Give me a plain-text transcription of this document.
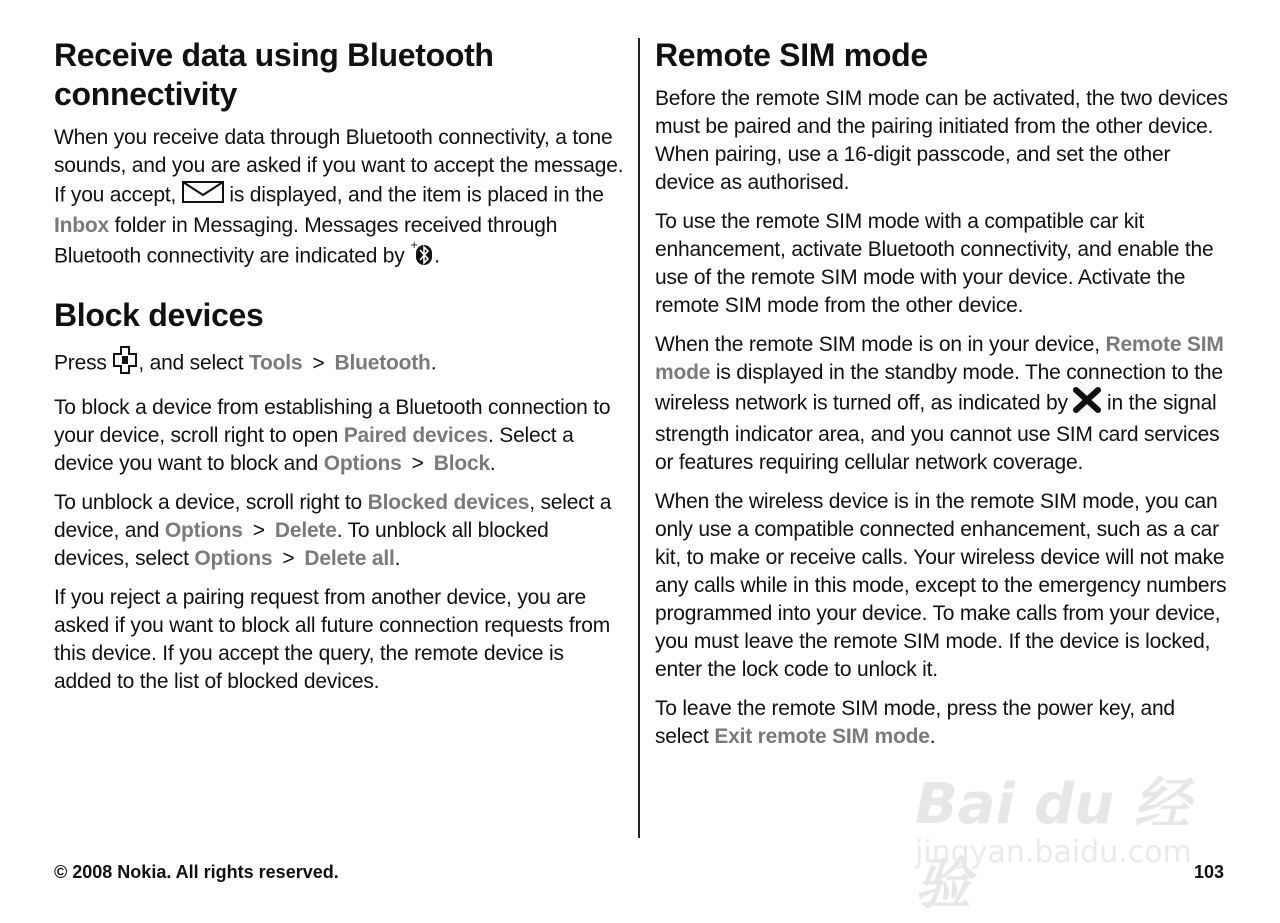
Receive data using Bluetooth connectivity

When you receive data through Bluetooth connectivity, a tone sounds, and you are asked if you want to accept the message. If you accept,	is displayed, and the item is placed in the Inbox folder in Messaging. Messages received through Bluetooth connectivity are indicated by + .

Block devices

Press , and select Tools > Bluetooth.

To block a device from establishing a Bluetooth connection to your device, scroll right to open Paired devices. Select a device you want to block and Options > Block.

To unblock a device, scroll right to Blocked devices, select a device, and Options > Delete. To unblock all blocked devices, select Options > Delete all.

If you reject a pairing request from another device, you are asked if you want to block all future connection requests from this device. If you accept the query, the remote device is added to the list of blocked devices.

Remote SIM mode

Before the remote SIM mode can be activated, the two devices must be paired and the pairing initiated from the other device. When pairing, use a 16-digit passcode, and set the other device as authorised.

To use the remote SIM mode with a compatible car kit enhancement, activate Bluetooth connectivity, and enable the use of the remote SIM mode with your device. Activate the remote SIM mode from the other device.

When the remote SIM mode is on in your device, Remote SIM mode is displayed in the standby mode. The connection to the wireless network is turned off, as indicated by in the signal strength indicator area, and you cannot use SIM card services or features requiring cellular network coverage.

When the wireless device is in the remote SIM mode, you can only use a compatible connected enhancement, such as a car kit, to make or receive calls. Your wireless device will not make any calls while in this mode, except to the emergency numbers programmed into your device. To make calls from your device, you must leave the remote SIM mode. If the device is locked, enter the lock code to unlock it.

To leave the remote SIM mode, press the power key, and select Exit remote SIM mode.

Bai du 经验
jingyan.baidu.com
© 2008 Nokia. All rights reserved.	103
